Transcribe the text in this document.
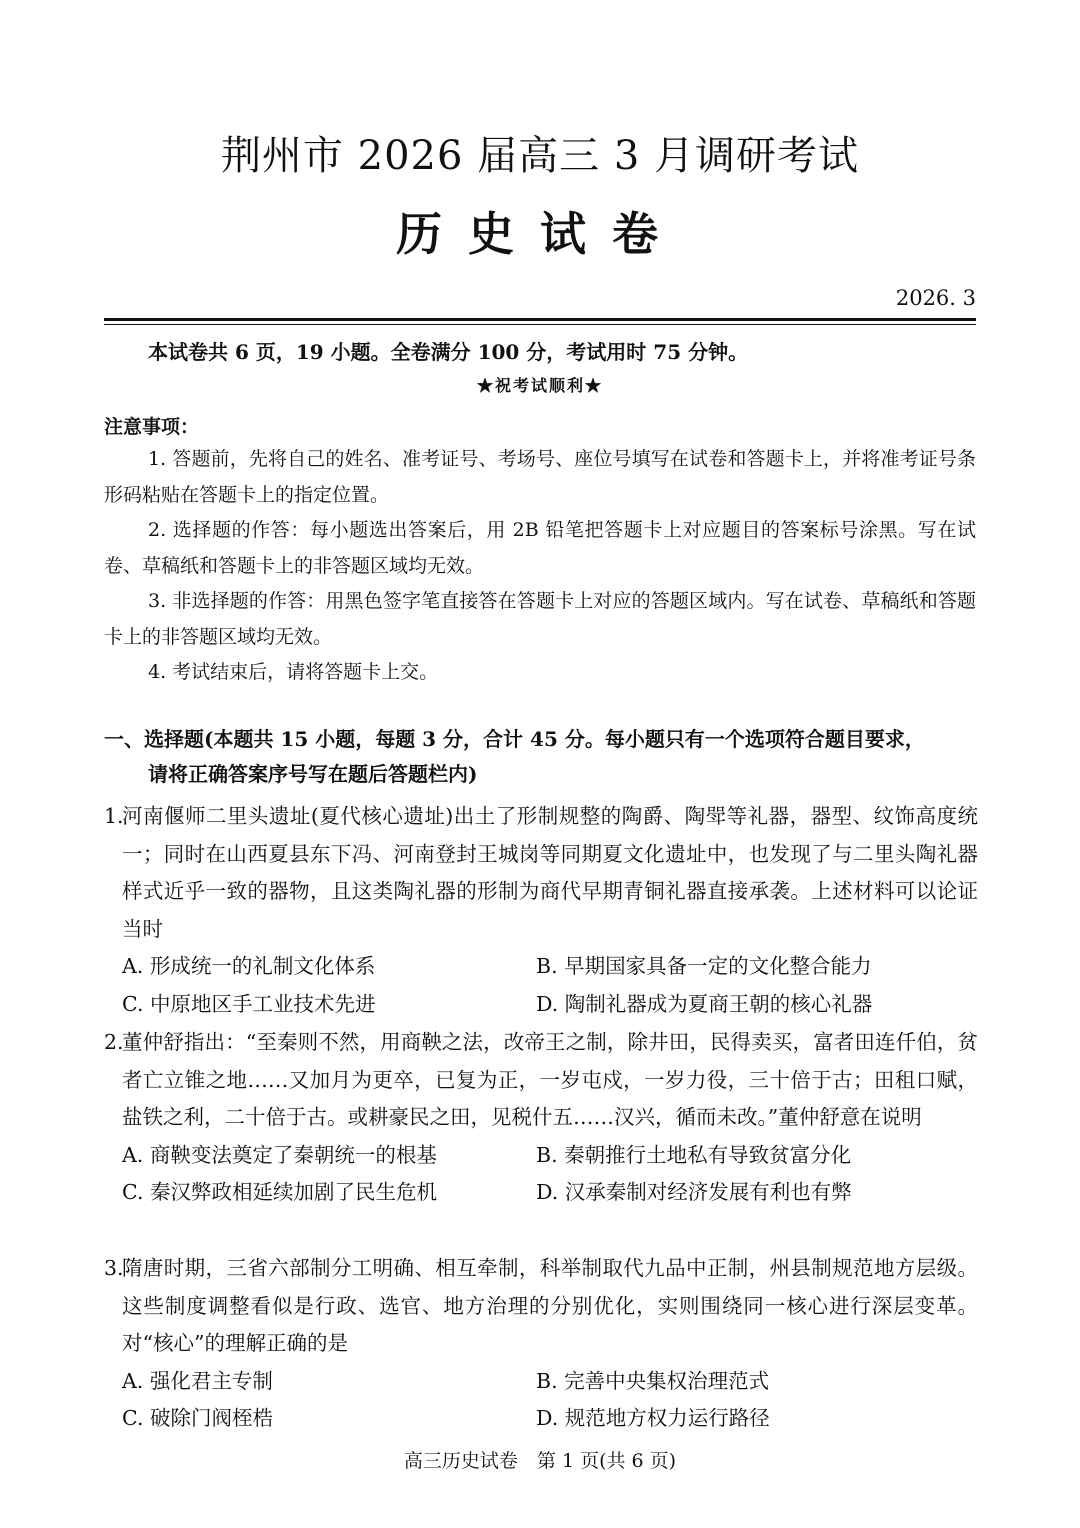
荆州市 2026 届高三 3 月调研考试
历史试卷
2026. 3
本试卷共 6 页，19 小题。全卷满分 100 分，考试用时 75 分钟。
★祝考试顺利★
注意事项：

1. 答题前，先将自己的姓名、准考证号、考场号、座位号填写在试卷和答题卡上，并将准考证号条形码粘贴在答题卡上的指定位置。

2. 选择题的作答：每小题选出答案后，用 2B 铅笔把答题卡上对应题目的答案标号涂黑。写在试卷、草稿纸和答题卡上的非答题区域均无效。

3. 非选择题的作答：用黑色签字笔直接答在答题卡上对应的答题区域内。写在试卷、草稿纸和答题卡上的非答题区域均无效。

4. 考试结束后，请将答题卡上交。

一、选择题(本题共 15 小题，每题 3 分，合计 45 分。每小题只有一个选项符合题目要求，
请将正确答案序号写在题后答题栏内)
1.
河南偃师二里头遗址(夏代核心遗址)出土了形制规整的陶爵、陶斝等礼器，器型、纹饰高度统一；同时在山西夏县东下冯、河南登封王城岗等同期夏文化遗址中，也发现了与二里头陶礼器样式近乎一致的器物，且这类陶礼器的形制为商代早期青铜礼器直接承袭。上述材料可以论证当时
A. 形成统一的礼制文化体系	B. 早期国家具备一定的文化整合能力
C. 中原地区手工业技术先进	D. 陶制礼器成为夏商王朝的核心礼器
2.
董仲舒指出：“至秦则不然，用商鞅之法，改帝王之制，除井田，民得卖买，富者田连仟伯，贫者亡立锥之地……又加月为更卒，已复为正，一岁屯戍，一岁力役，三十倍于古；田租口赋，盐铁之利，二十倍于古。或耕豪民之田，见税什五……汉兴，循而未改。”董仲舒意在说明
A. 商鞅变法奠定了秦朝统一的根基	B. 秦朝推行土地私有导致贫富分化
C. 秦汉弊政相延续加剧了民生危机	D. 汉承秦制对经济发展有利也有弊
3.
隋唐时期，三省六部制分工明确、相互牵制，科举制取代九品中正制，州县制规范地方层级。这些制度调整看似是行政、选官、地方治理的分别优化，实则围绕同一核心进行深层变革。对“核心”的理解正确的是
A. 强化君主专制	B. 完善中央集权治理范式
C. 破除门阀桎梏	D. 规范地方权力运行路径
高三历史试卷　第 1 页(共 6 页)
